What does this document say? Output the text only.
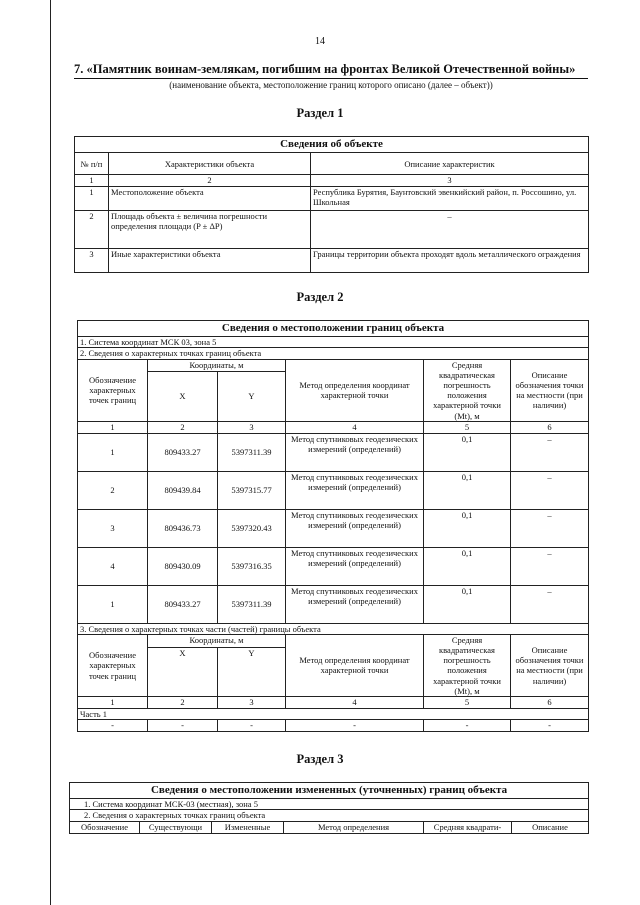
14
7. «Памятник воинам-землякам, погибшим на фронтах Великой Отечественной войны»
(наименование объекта, местоположение границ которого описано (далее – объект))
Раздел 1
Сведения об объекте		
№ п/п	Характеристики объекта	Описание характеристик
1	2	3
1	Местоположение объекта	Республика Бурятия, Баунтовский эвенкийский район, п. Россошино, ул. Школьная
2	Площадь объекта ± величина погрешности определения площади (P ± ΔP)	–
3	Иные характеристики объекта	Границы территории объекта проходят вдоль металлического ограждения
Раздел 2
Сведения о местоположении границ объекта					
1. Система координат МСК 03, зона 5					
2. Сведения о характерных точках границ объекта					
Обозначение характерных точек границ	Координаты, м		Метод определения координат характерной точки	Средняя квадратическая погрешность положения характерной точки (Mt), м	Описание обозначения точки на местности (при наличии)
	X	Y			
1	2	3	4	5	6
1	809433.27	5397311.39	Метод спутниковых геодезических измерений (определений)	0,1	–
2	809439.84	5397315.77	Метод спутниковых геодезических измерений (определений)	0,1	–
3	809436.73	5397320.43	Метод спутниковых геодезических измерений (определений)	0,1	–
4	809430.09	5397316.35	Метод спутниковых геодезических измерений (определений)	0,1	–
1	809433.27	5397311.39	Метод спутниковых геодезических измерений (определений)	0,1	–
3. Сведения о характерных точках части (частей) границы объекта					
Обозначение характерных точек границ	Координаты, м		Метод определения координат характерной точки	Средняя квадратическая погрешность положения характерной точки (Mt), м	Описание обозначения точки на местности (при наличии)
	X	Y			
1	2	3	4	5	6
Часть 1					
-	-	-	-	-	-
Раздел 3
Сведения о местоположении измененных (уточненных) границ объекта
1. Система координат МСК-03 (местная), зона 5
2. Сведения о характерных точках границ объекта
Обозначение	Существующи	Измененные	Метод определения	Средняя квадрати-	Описание
